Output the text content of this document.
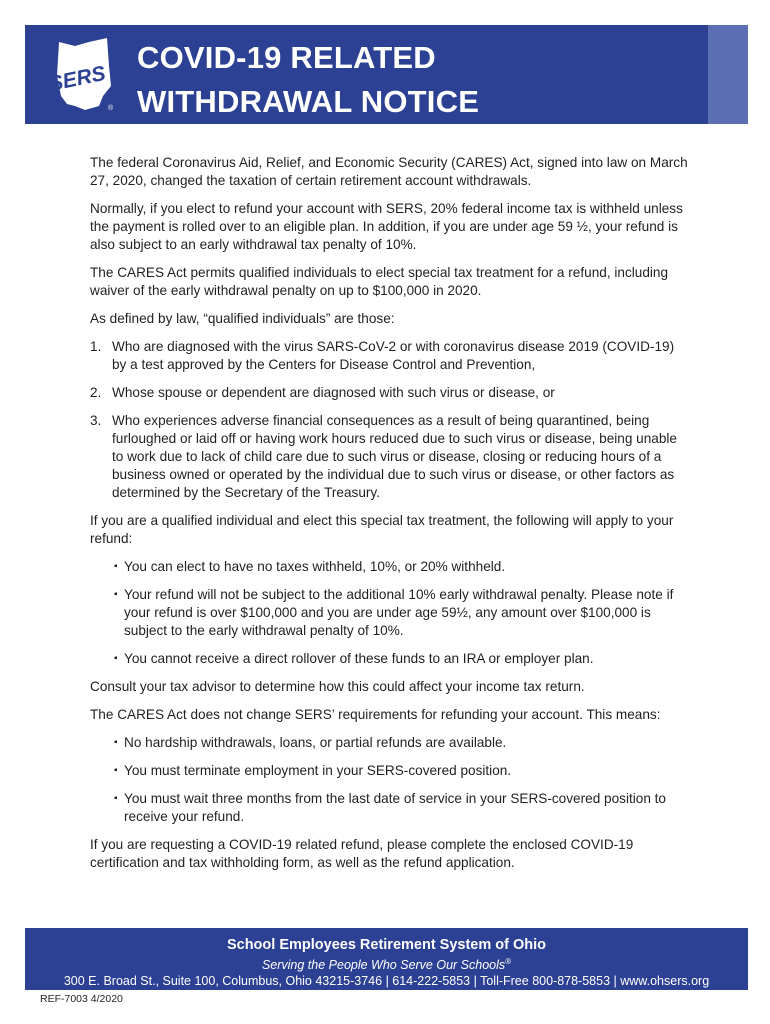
SERS
®
COVID-19 RELATED
WITHDRAWAL NOTICE

The federal Coronavirus Aid, Relief, and Economic Security (CARES) Act, signed into law on March 27, 2020, changed the taxation of certain retirement account withdrawals.

Normally, if you elect to refund your account with SERS, 20% federal income tax is withheld unless the payment is rolled over to an eligible plan. In addition, if you are under age 59 ½, your refund is also subject to an early withdrawal tax penalty of 10%.

The CARES Act permits qualified individuals to elect special tax treatment for a refund, including waiver of the early withdrawal penalty on up to $100,000 in 2020.

As defined by law, “qualified individuals” are those:

1. Who are diagnosed with the virus SARS-CoV-2 or with coronavirus disease 2019 (COVID-19) by a test approved by the Centers for Disease Control and Prevention,
2. Whose spouse or dependent are diagnosed with such virus or disease, or
3. Who experiences adverse financial consequences as a result of being quarantined, being furloughed or laid off or having work hours reduced due to such virus or disease, being unable to work due to lack of child care due to such virus or disease, closing or reducing hours of a business owned or operated by the individual due to such virus or disease, or other factors as determined by the Secretary of the Treasury.

If you are a qualified individual and elect this special tax treatment, the following will apply to your refund:

▪ You can elect to have no taxes withheld, 10%, or 20% withheld.
▪ Your refund will not be subject to the additional 10% early withdrawal penalty. Please note if your refund is over $100,000 and you are under age 59½, any amount over $100,000 is subject to the early withdrawal penalty of 10%.
▪ You cannot receive a direct rollover of these funds to an IRA or employer plan.

Consult your tax advisor to determine how this could affect your income tax return.

The CARES Act does not change SERS’ requirements for refunding your account. This means:

▪ No hardship withdrawals, loans, or partial refunds are available.
▪ You must terminate employment in your SERS-covered position.
▪ You must wait three months from the last date of service in your SERS-covered position to receive your refund.

If you are requesting a COVID-19 related refund, please complete the enclosed COVID-19 certification and tax withholding form, as well as the refund application.

School Employees Retirement System of Ohio
Serving the People Who Serve Our Schools®
300 E. Broad St., Suite 100, Columbus, Ohio 43215-3746 | 614-222-5853 | Toll-Free 800-878-5853 | www.ohsers.org
REF-7003 4/2020
